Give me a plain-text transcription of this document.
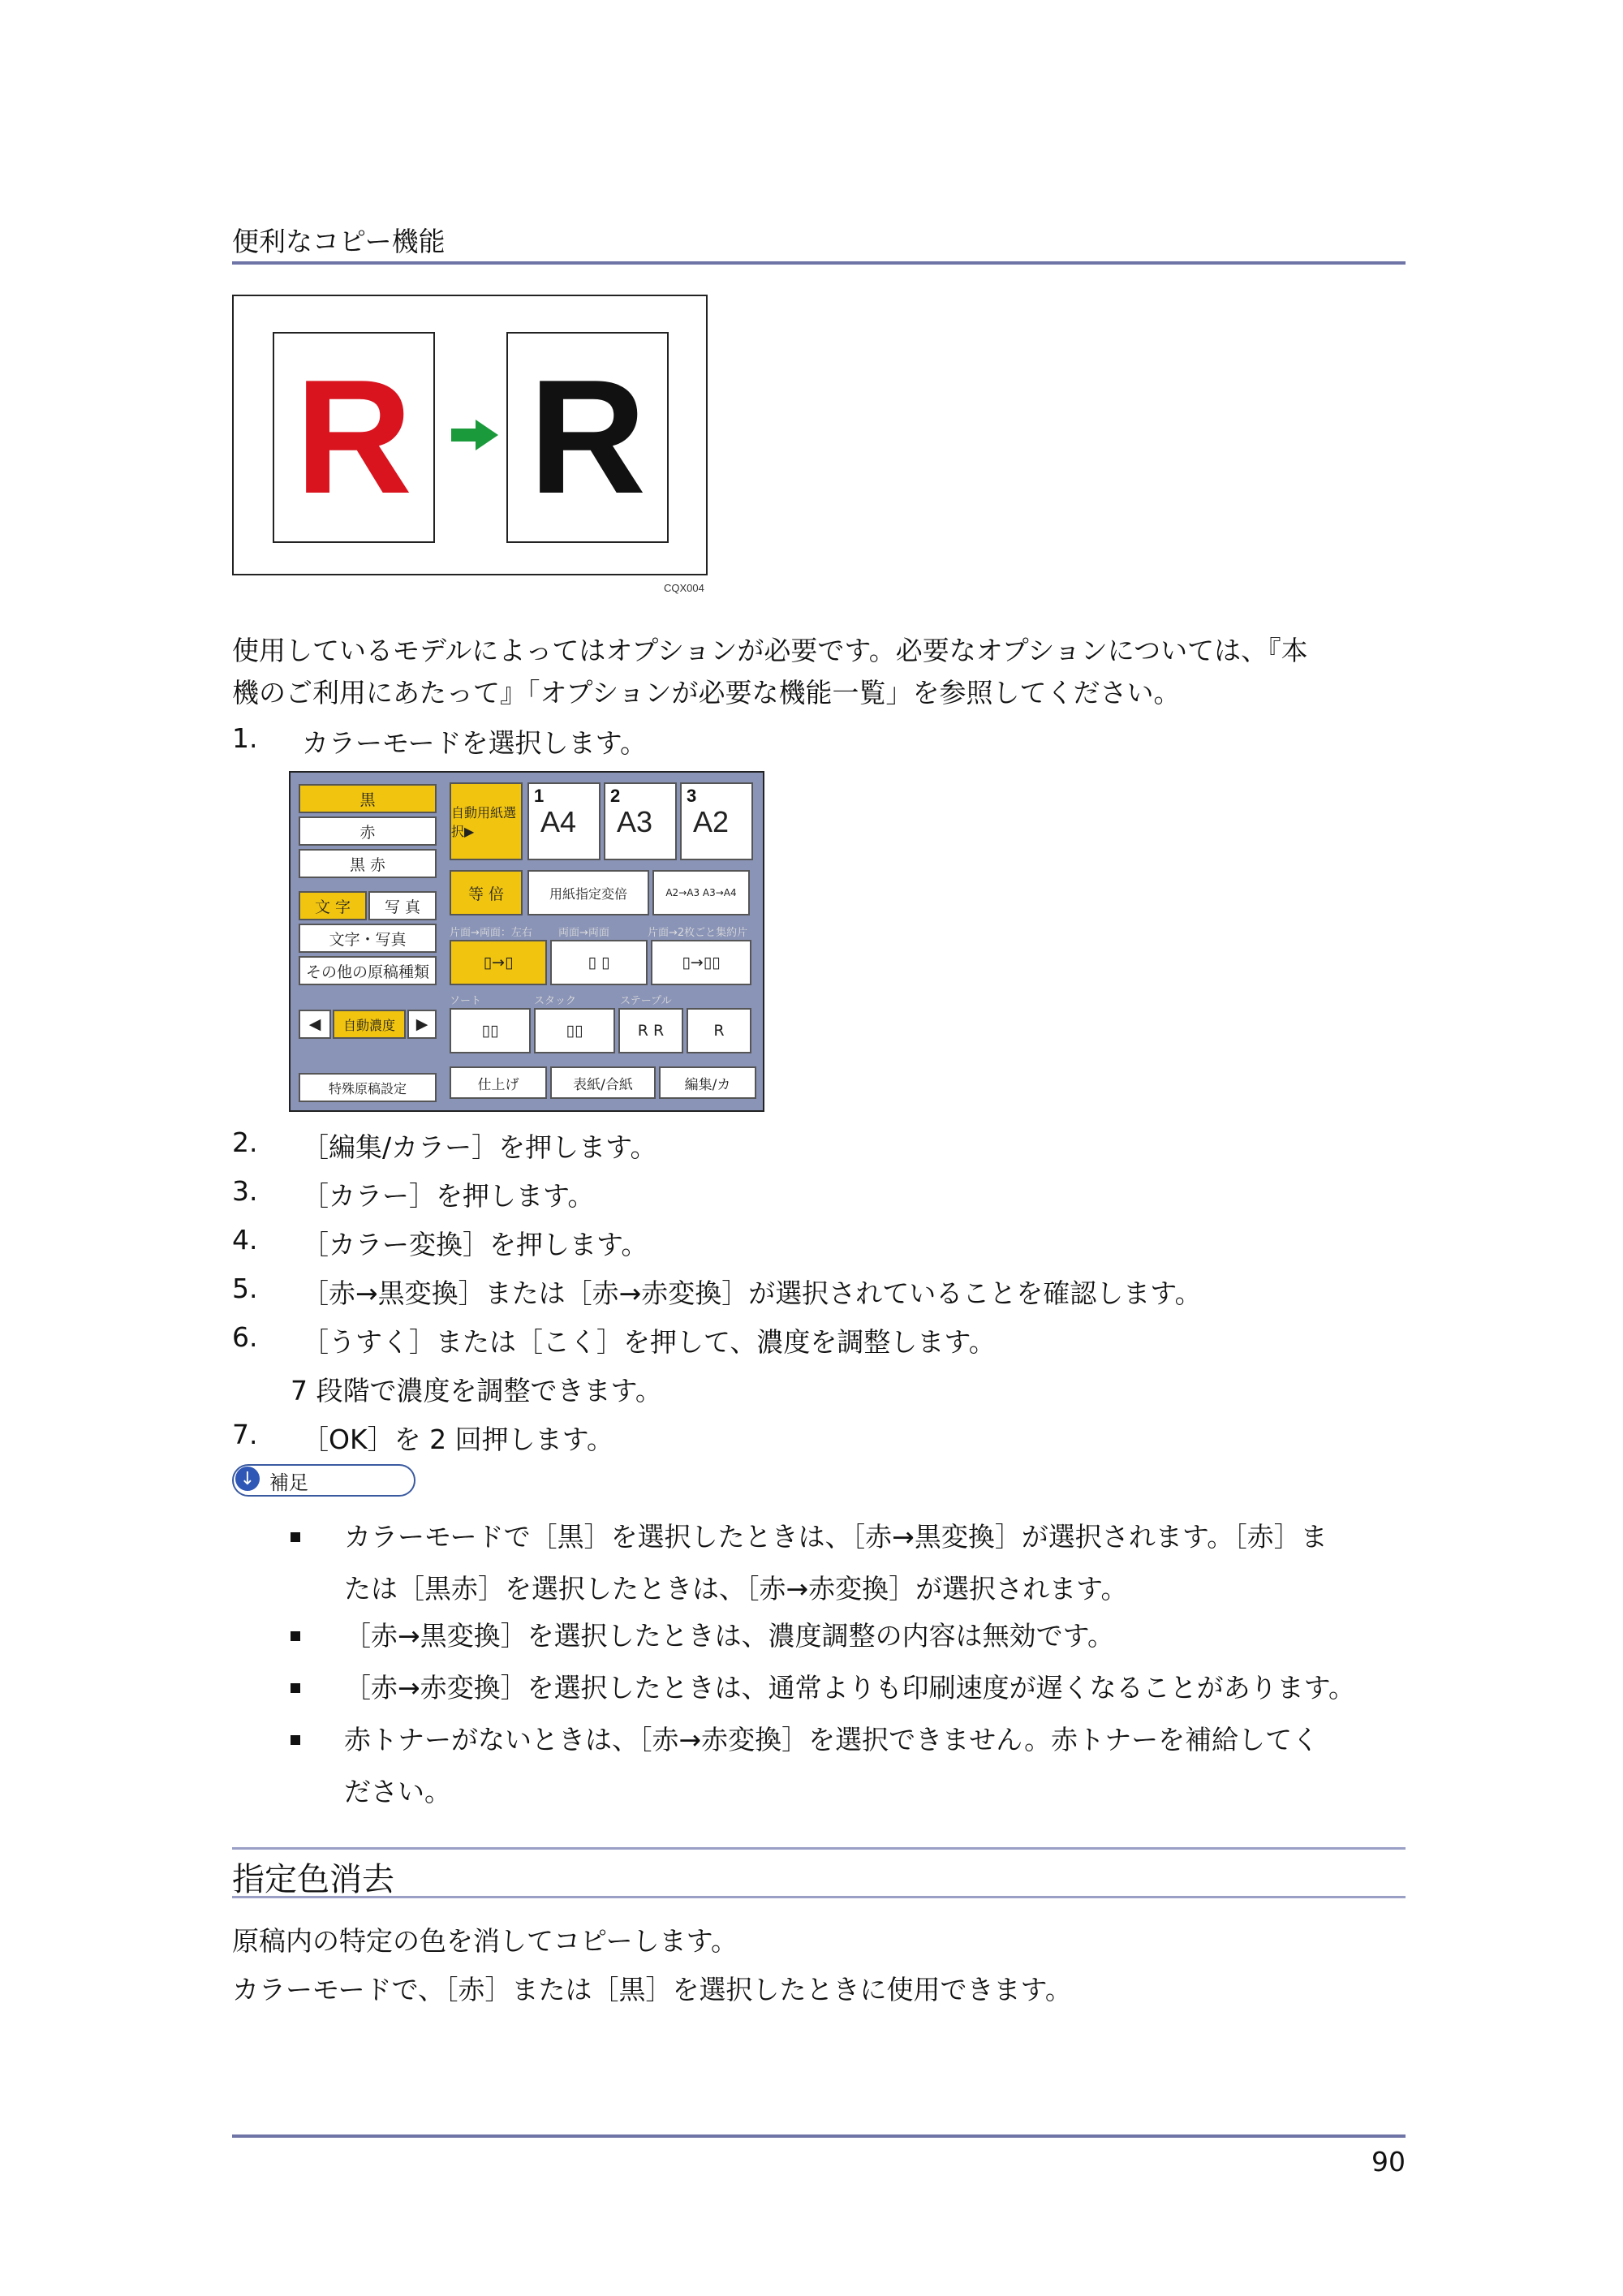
便利なコピー機能
R R
CQX004
使用しているモデルによってはオプションが必要です。必要なオプションについては、『本
機のご利用にあたって』「オプションが必要な機能一覧」を参照してください。
1. カラーモードを選択します。
黒
赤
黒 赤
文 字	写 真
文字・写真
その他の原稿種類
◀	自動濃度	▶
特殊原稿設定
自動用紙選択▶
1
A4
2
A3
3
A2
等 倍	用紙指定変倍	A2→A3 A3→A4
片面→両面：左右 両面→両面	片面→2枚ごと集約片
▯→▯	▯ ▯	▯→▯▯
ソート	スタック	ステープル
▯▯	▯▯	R R	R
仕上げ	表紙/合紙	編集/カ
2. ［編集/カラー］を押します。
3. ［カラー］を押します。
4. ［カラー変換］を押します。
5. ［赤→黒変換］または［赤→赤変換］が選択されていることを確認します。
6. ［うすく］または［こく］を押して、濃度を調整します。
7 段階で濃度を調整できます。
7. ［OK］を 2 回押します。
↓ 補足
カラーモードで［黒］を選択したときは、［赤→黒変換］が選択されます。［赤］ま
たは［黒赤］を選択したときは、［赤→赤変換］が選択されます。
［赤→黒変換］を選択したときは、濃度調整の内容は無効です。
［赤→赤変換］を選択したときは、通常よりも印刷速度が遅くなることがあります。
赤トナーがないときは、［赤→赤変換］を選択できません。赤トナーを補給してく
ださい。
指定色消去
原稿内の特定の色を消してコピーします。
カラーモードで、［赤］または［黒］を選択したときに使用できます。
90
